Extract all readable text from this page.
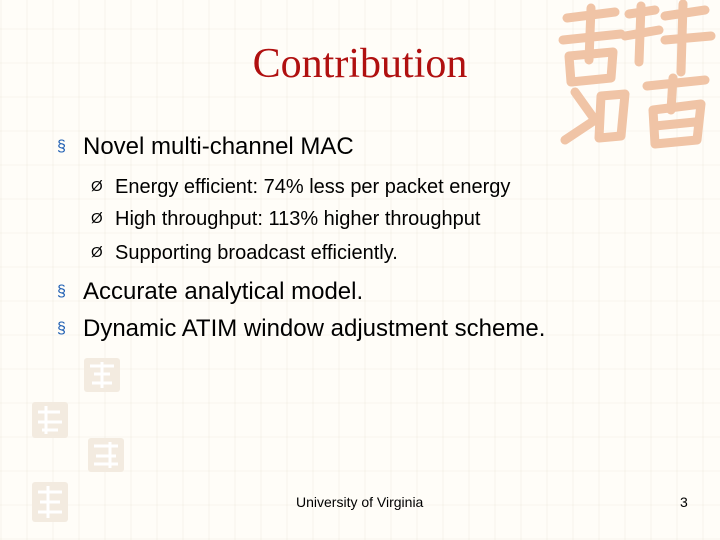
Contribution
§ Novel multi-channel MAC
Ø Energy efficient: 74% less per packet energy
Ø High throughput: 113% higher throughput
Ø Supporting broadcast efficiently.
§ Accurate analytical model.
§ Dynamic ATIM window adjustment scheme.
University of Virginia	3
